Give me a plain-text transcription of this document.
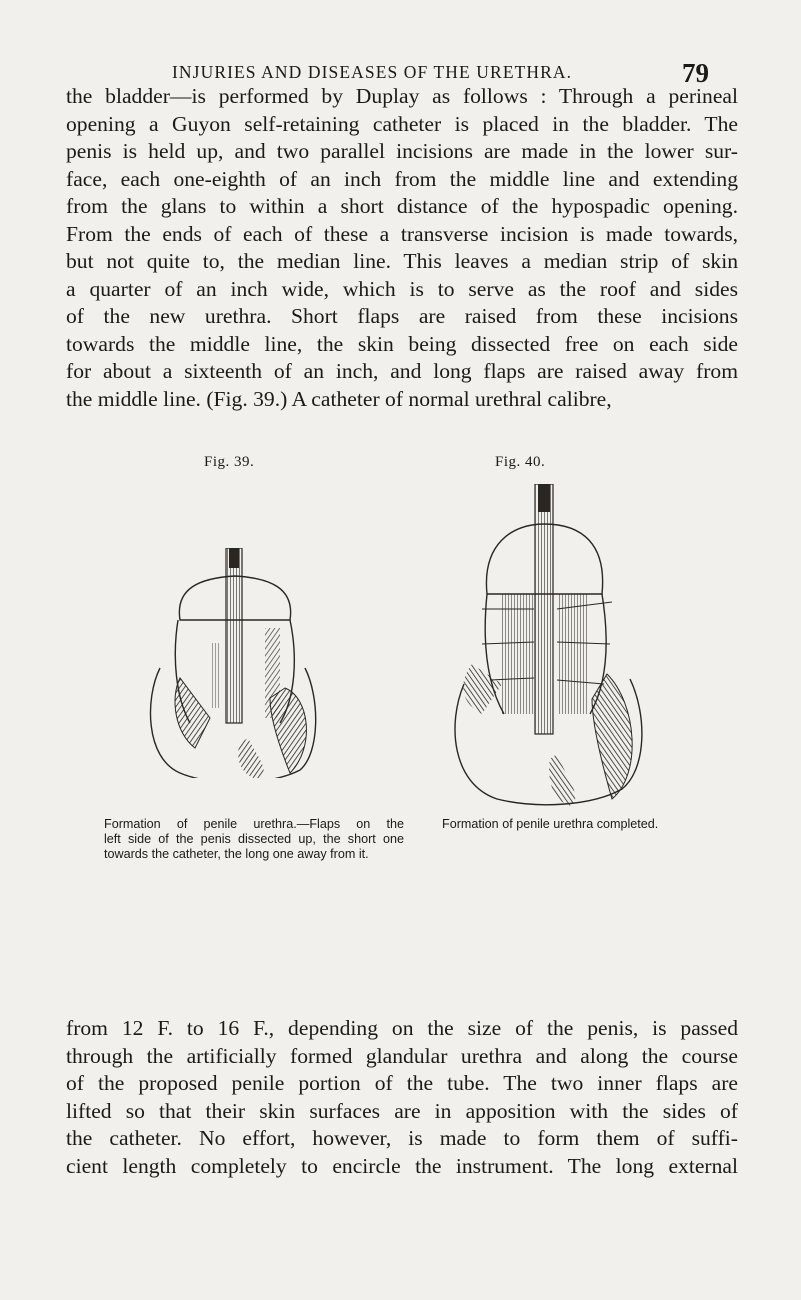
INJURIES AND DISEASES OF THE URETHRA.	79

the bladder—is performed by Duplay as follows : Through a perineal
opening a Guyon self-retaining catheter is placed in the bladder. The
penis is held up, and two parallel incisions are made in the lower sur-
face, each one-eighth of an inch from the middle line and extending
from the glans to within a short distance of the hypospadic opening.
From the ends of each of these a transverse incision is made towards,
but not quite to, the median line. This leaves a median strip of skin
a quarter of an inch wide, which is to serve as the roof and sides
of the new urethra. Short flaps are raised from these incisions
towards the middle line, the skin being dissected free on each side
for about a sixteenth of an inch, and long flaps are raised away from
the middle line. (Fig. 39.) A catheter of normal urethral calibre,

Fig. 39.	Fig. 40.
Formation of penile urethra.—Flaps on the
left side of the penis dissected up, the short one
towards the catheter, the long one away from it.
Formation of penile urethra completed.

from 12 F. to 16 F., depending on the size of the penis, is passed
through the artificially formed glandular urethra and along the course
of the proposed penile portion of the tube. The two inner flaps are
lifted so that their skin surfaces are in apposition with the sides of
the catheter. No effort, however, is made to form them of suffi-
cient length completely to encircle the instrument. The long external
